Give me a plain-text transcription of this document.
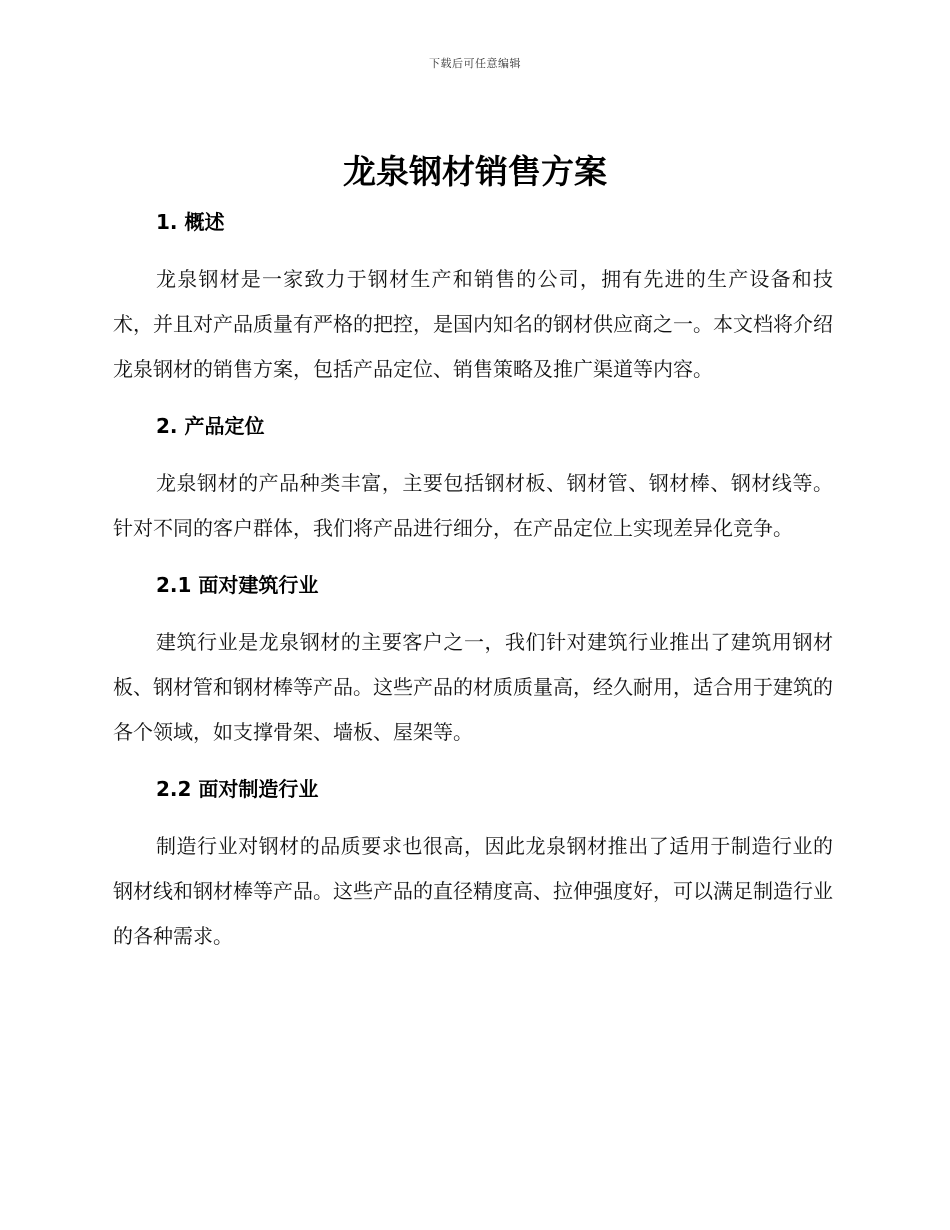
下载后可任意编辑
龙泉钢材销售方案
1. 概述

龙泉钢材是一家致力于钢材生产和销售的公司，拥有先进的生产设备和技术，并且对产品质量有严格的把控，是国内知名的钢材供应商之一。本文档将介绍龙泉钢材的销售方案，包括产品定位、销售策略及推广渠道等内容。

2. 产品定位

龙泉钢材的产品种类丰富，主要包括钢材板、钢材管、钢材棒、钢材线等。针对不同的客户群体，我们将产品进行细分，在产品定位上实现差异化竞争。

2.1 面对建筑行业

建筑行业是龙泉钢材的主要客户之一，我们针对建筑行业推出了建筑用钢材板、钢材管和钢材棒等产品。这些产品的材质质量高，经久耐用，适合用于建筑的各个领域，如支撑骨架、墙板、屋架等。

2.2 面对制造行业

制造行业对钢材的品质要求也很高，因此龙泉钢材推出了适用于制造行业的钢材线和钢材棒等产品。这些产品的直径精度高、拉伸强度好，可以满足制造行业的各种需求。
